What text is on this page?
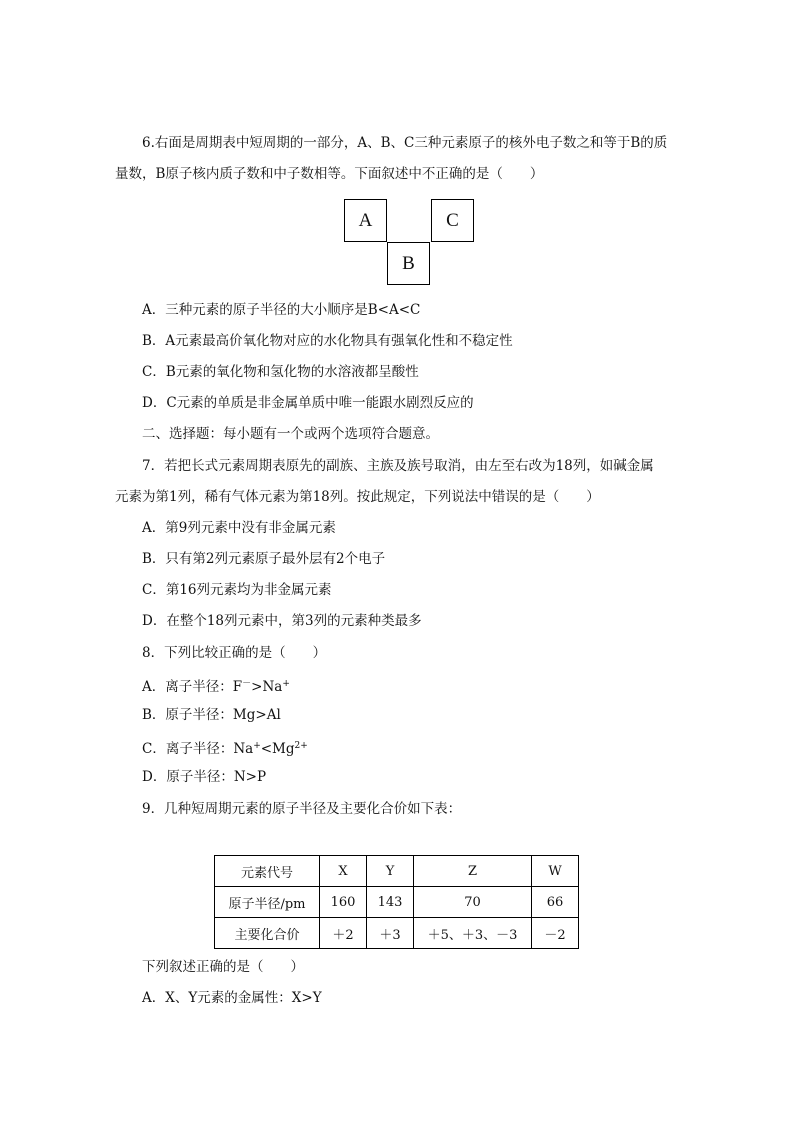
6.右面是周期表中短周期的一部分，A、B、C三种元素原子的核外电子数之和等于B的质
量数，B原子核内质子数和中子数相等。下面叙述中不正确的是（　　）
A	C
B
A．三种元素的原子半径的大小顺序是B<A<C
B．A元素最高价氧化物对应的水化物具有强氧化性和不稳定性
C．B元素的氧化物和氢化物的水溶液都呈酸性
D．C元素的单质是非金属单质中唯一能跟水剧烈反应的
二、选择题：每小题有一个或两个选项符合题意。
7．若把长式元素周期表原先的副族、主族及族号取消，由左至右改为18列，如碱金属
元素为第1列，稀有气体元素为第18列。按此规定，下列说法中错误的是（　　）
A．第9列元素中没有非金属元素
B．只有第2列元素原子最外层有2个电子
C．第16列元素均为非金属元素
D．在整个18列元素中，第3列的元素种类最多
8．下列比较正确的是（　　）
A．离子半径：F－>Na+
B．原子半径：Mg>Al
C．离子半径：$Na^+<Mg^{2+}$
D．原子半径：N>P
9．几种短周期元素的原子半径及主要化合价如下表：
元素代号	X	Y	Z	W
原子半径/pm	160	143	70	66
主要化合价	＋2	＋3	＋5、＋3、－3	－2
下列叙述正确的是（　　）
A．X、Y元素的金属性：X>Y
